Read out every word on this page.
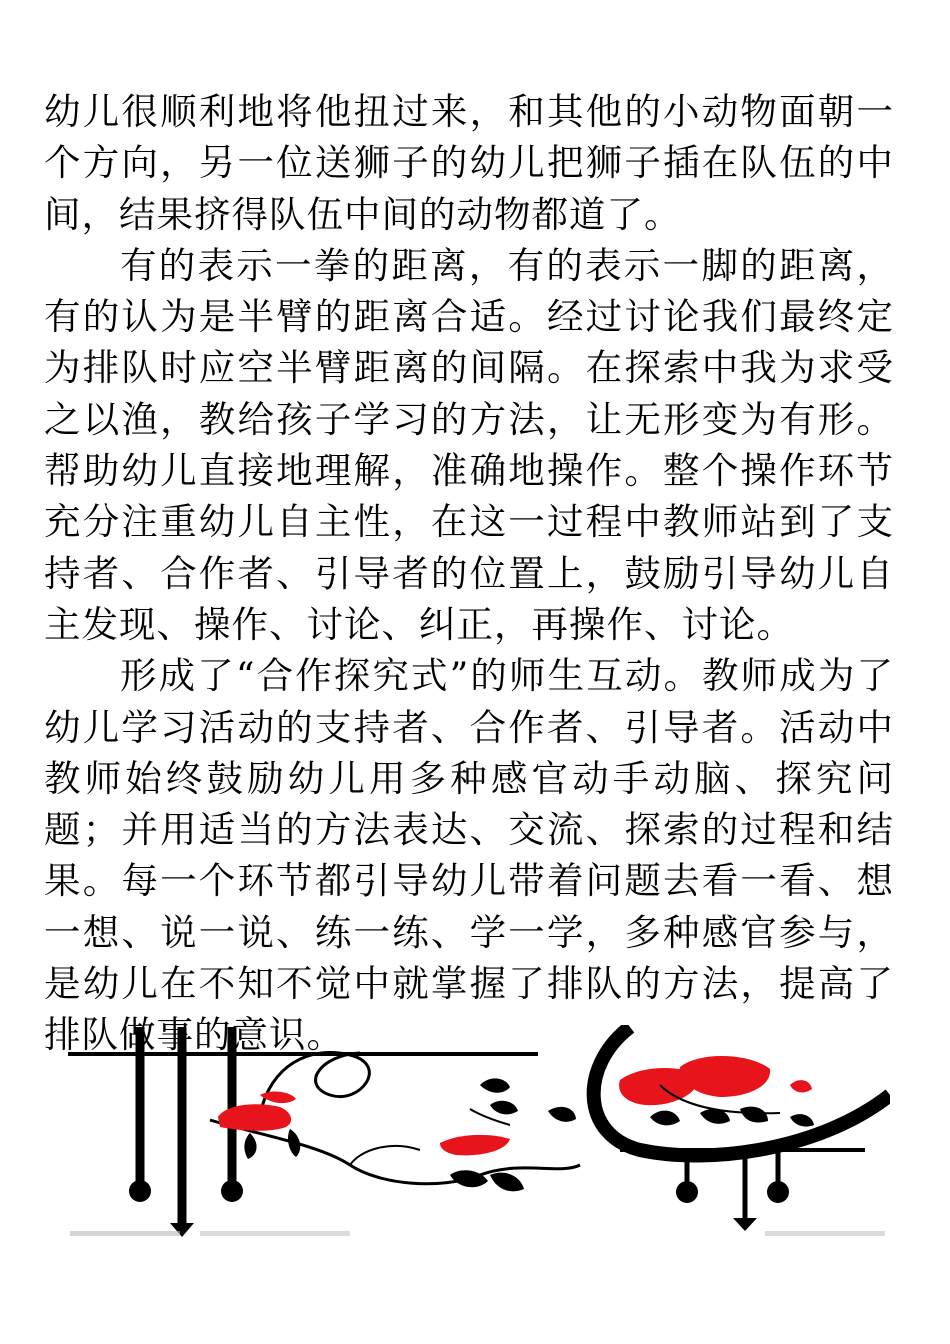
幼儿很顺利地将他扭过来，和其他的小动物面朝一个方向，另一位送狮子的幼儿把狮子插在队伍的中间，结果挤得队伍中间的动物都道了。

有的表示一拳的距离，有的表示一脚的距离，有的认为是半臂的距离合适。经过讨论我们最终定为排队时应空半臂距离的间隔。在探索中我为求受之以渔，教给孩子学习的方法，让无形变为有形。帮助幼儿直接地理解，准确地操作。整个操作环节充分注重幼儿自主性，在这一过程中教师站到了支持者、合作者、引导者的位置上，鼓励引导幼儿自主发现、操作、讨论、纠正，再操作、讨论。

形成了“合作探究式”的师生互动。教师成为了幼儿学习活动的支持者、合作者、引导者。活动中教师始终鼓励幼儿用多种感官动手动脑、探究问题；并用适当的方法表达、交流、探索的过程和结果。每一个环节都引导幼儿带着问题去看一看、想一想、说一说、练一练、学一学，多种感官参与，是幼儿在不知不觉中就掌握了排队的方法，提高了排队做事的意识。
